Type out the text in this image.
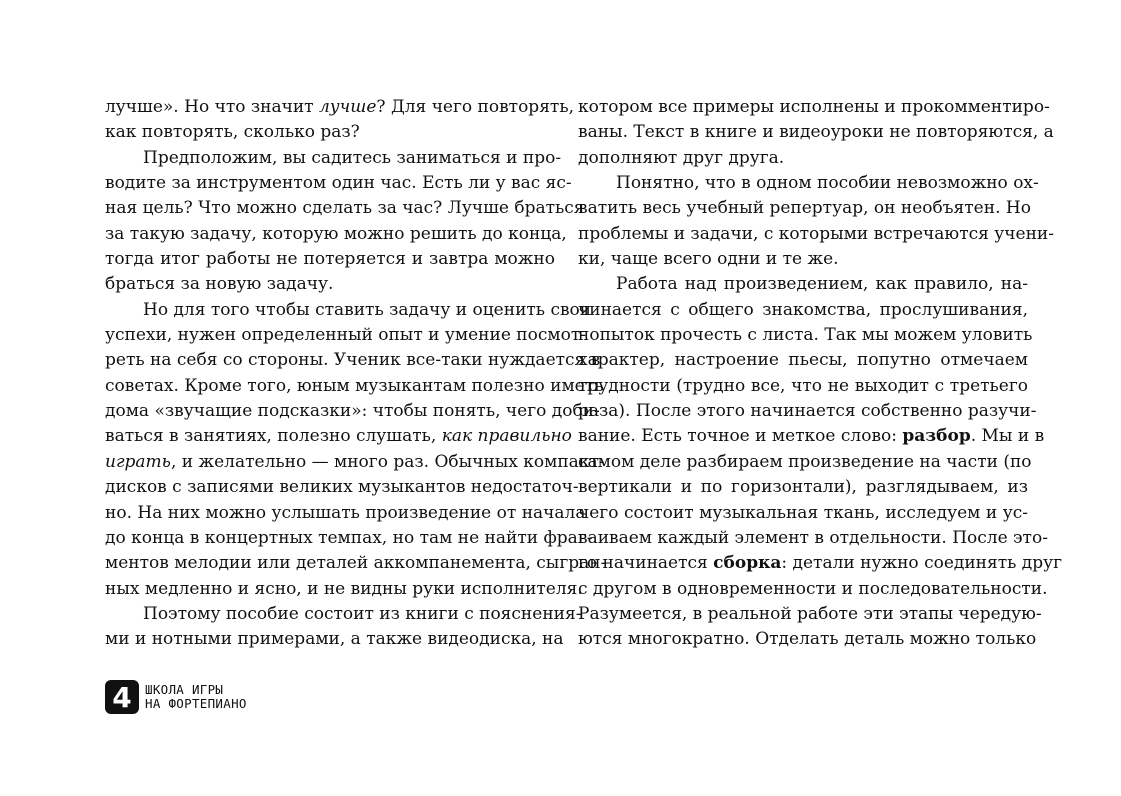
лучше». Но что значит лучше? Для чего повторять,
как повторять, сколько раз?
Предположим, вы садитесь заниматься и про-
водите за инструментом один час. Есть ли у вас яс-
ная цель? Что можно сделать за час? Лучше браться
за такую задачу, которую можно решить до конца,
тогда итог работы не потеряется и завтра можно
браться за новую задачу.
Но для того чтобы ставить задачу и оценить свои
успехи, нужен определенный опыт и умение посмот-
реть на себя со стороны. Ученик все-таки нуждается в
советах. Кроме того, юным музыкантам полезно иметь
дома «звучащие подсказки»: чтобы понять, чего доби-
ваться в занятиях, полезно слушать, как правильно
играть, и желательно — много раз. Обычных компакт-
дисков с записями великих музыкантов недостаточ-
но. На них можно услышать произведение от начала
до конца в концертных темпах, но там не найти фраг-
ментов мелодии или деталей аккомпанемента, сыгран-
ных медленно и ясно, и не видны руки исполнителя.
Поэтому пособие состоит из книги с пояснения-
ми и нотными примерами, а также видеодиска, на
котором все примеры исполнены и прокомментиро-
ваны. Текст в книге и видеоуроки не повторяются, а
дополняют друг друга.
Понятно, что в одном пособии невозможно ох-
ватить весь учебный репертуар, он необъятен. Но
проблемы и задачи, с которыми встречаются учени-
ки, чаще всего одни и те же.
Работа над произведением, как правило, на-
чинается с общего знакомства, прослушивания,
попыток прочесть с листа. Так мы можем уловить
характер, настроение пьесы, попутно отмечаем
трудности (трудно все, что не выходит с третьего
раза). После этого начинается собственно разучи-
вание. Есть точное и меткое слово: разбор. Мы и в
самом деле разбираем произведение на части (по
вертикали и по горизонтали), разглядываем, из
чего состоит музыкальная ткань, исследуем и ус-
ваиваем каждый элемент в отдельности. После это-
го начинается сборка: детали нужно соединять друг
с другом в одновременности и последовательности.
Разумеется, в реальной работе эти этапы чередую-
ются многократно. Отделать деталь можно только
4	ШКОЛА ИГРЫ
НА ФОРТЕПИАНО
